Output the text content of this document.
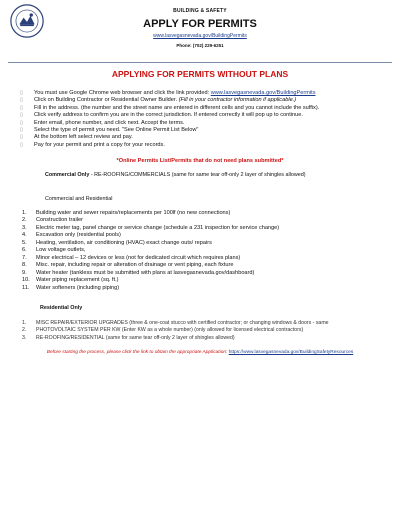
BUILDING & SAFETY
APPLY FOR PERMITS
www.lasvegasnevada.gov/BuildingPermits
Phone: (702) 229-6251
APPLYING FOR PERMITS WITHOUT PLANS
▯ You must use Google Chrome web browser and click the link provided: www.lasvegasnevada.gov/BuildingPermits
▯ Click on Building Contractor or Residential Owner Builder. (Fill in your contractor information if applicable.)
▯ Fill in the address. (the number and the street name are entered in different cells and you cannot include the suffix).
▯ Click verify address to confirm you are in the correct jurisdiction. If entered correctly it will pop up to continue.
▯ Enter email, phone number, and click next. Accept the terms.
▯ Select the type of permit you need. "See Online Permit List Below"
▯ At the bottom left select review and pay.
▯ Pay for your permit and print a copy for your records.
*Online Permits List/Permits that do not need plans submitted*
Commercial Only - RE-ROOFING/COMMERCIALS (same for same tear off-only 2 layer of shingles allowed)
Commercial and Residential
1. Building water and sewer repairs/replacements per 100lf (no new connections)
2. Construction trailer
3. Electric meter tag, panel change or service change (schedule a 231 inspection for service change)
4. Excavation only (residential pools)
5. Heating, ventilation, air conditioning (HVAC) exact change outs/ repairs
6. Low voltage outlets,
7. Minor electrical – 12 devices or less (not for dedicated circuit which requires plans)
8. Misc. repair, including repair or alteration of drainage or vent piping, each fixture
9. Water heater (tankless must be submitted with plans at lasvegasnevada.gov/dashboard)
10. Water piping replacement (sq. ft.)
11. Water softeners (including piping)
Residential Only
1. MISC REPAIR/EXTERIOR UPGRADES (three & one-coat stucco with certified contractor; or changing windows & doors - same
2. PHOTOVOLTAIC SYSTEM PER KW (Enter KW as a whole number) (only allowed for licensed electrical contractors)
3. RE-ROOFING/RESIDENTIAL (same for same tear off-only 2 layer of shingles allowed)
Before starting the process, please click the link to obtain the appropriate Application: https://www.lasvegasnevada.gov/BuildingSafetyResources
